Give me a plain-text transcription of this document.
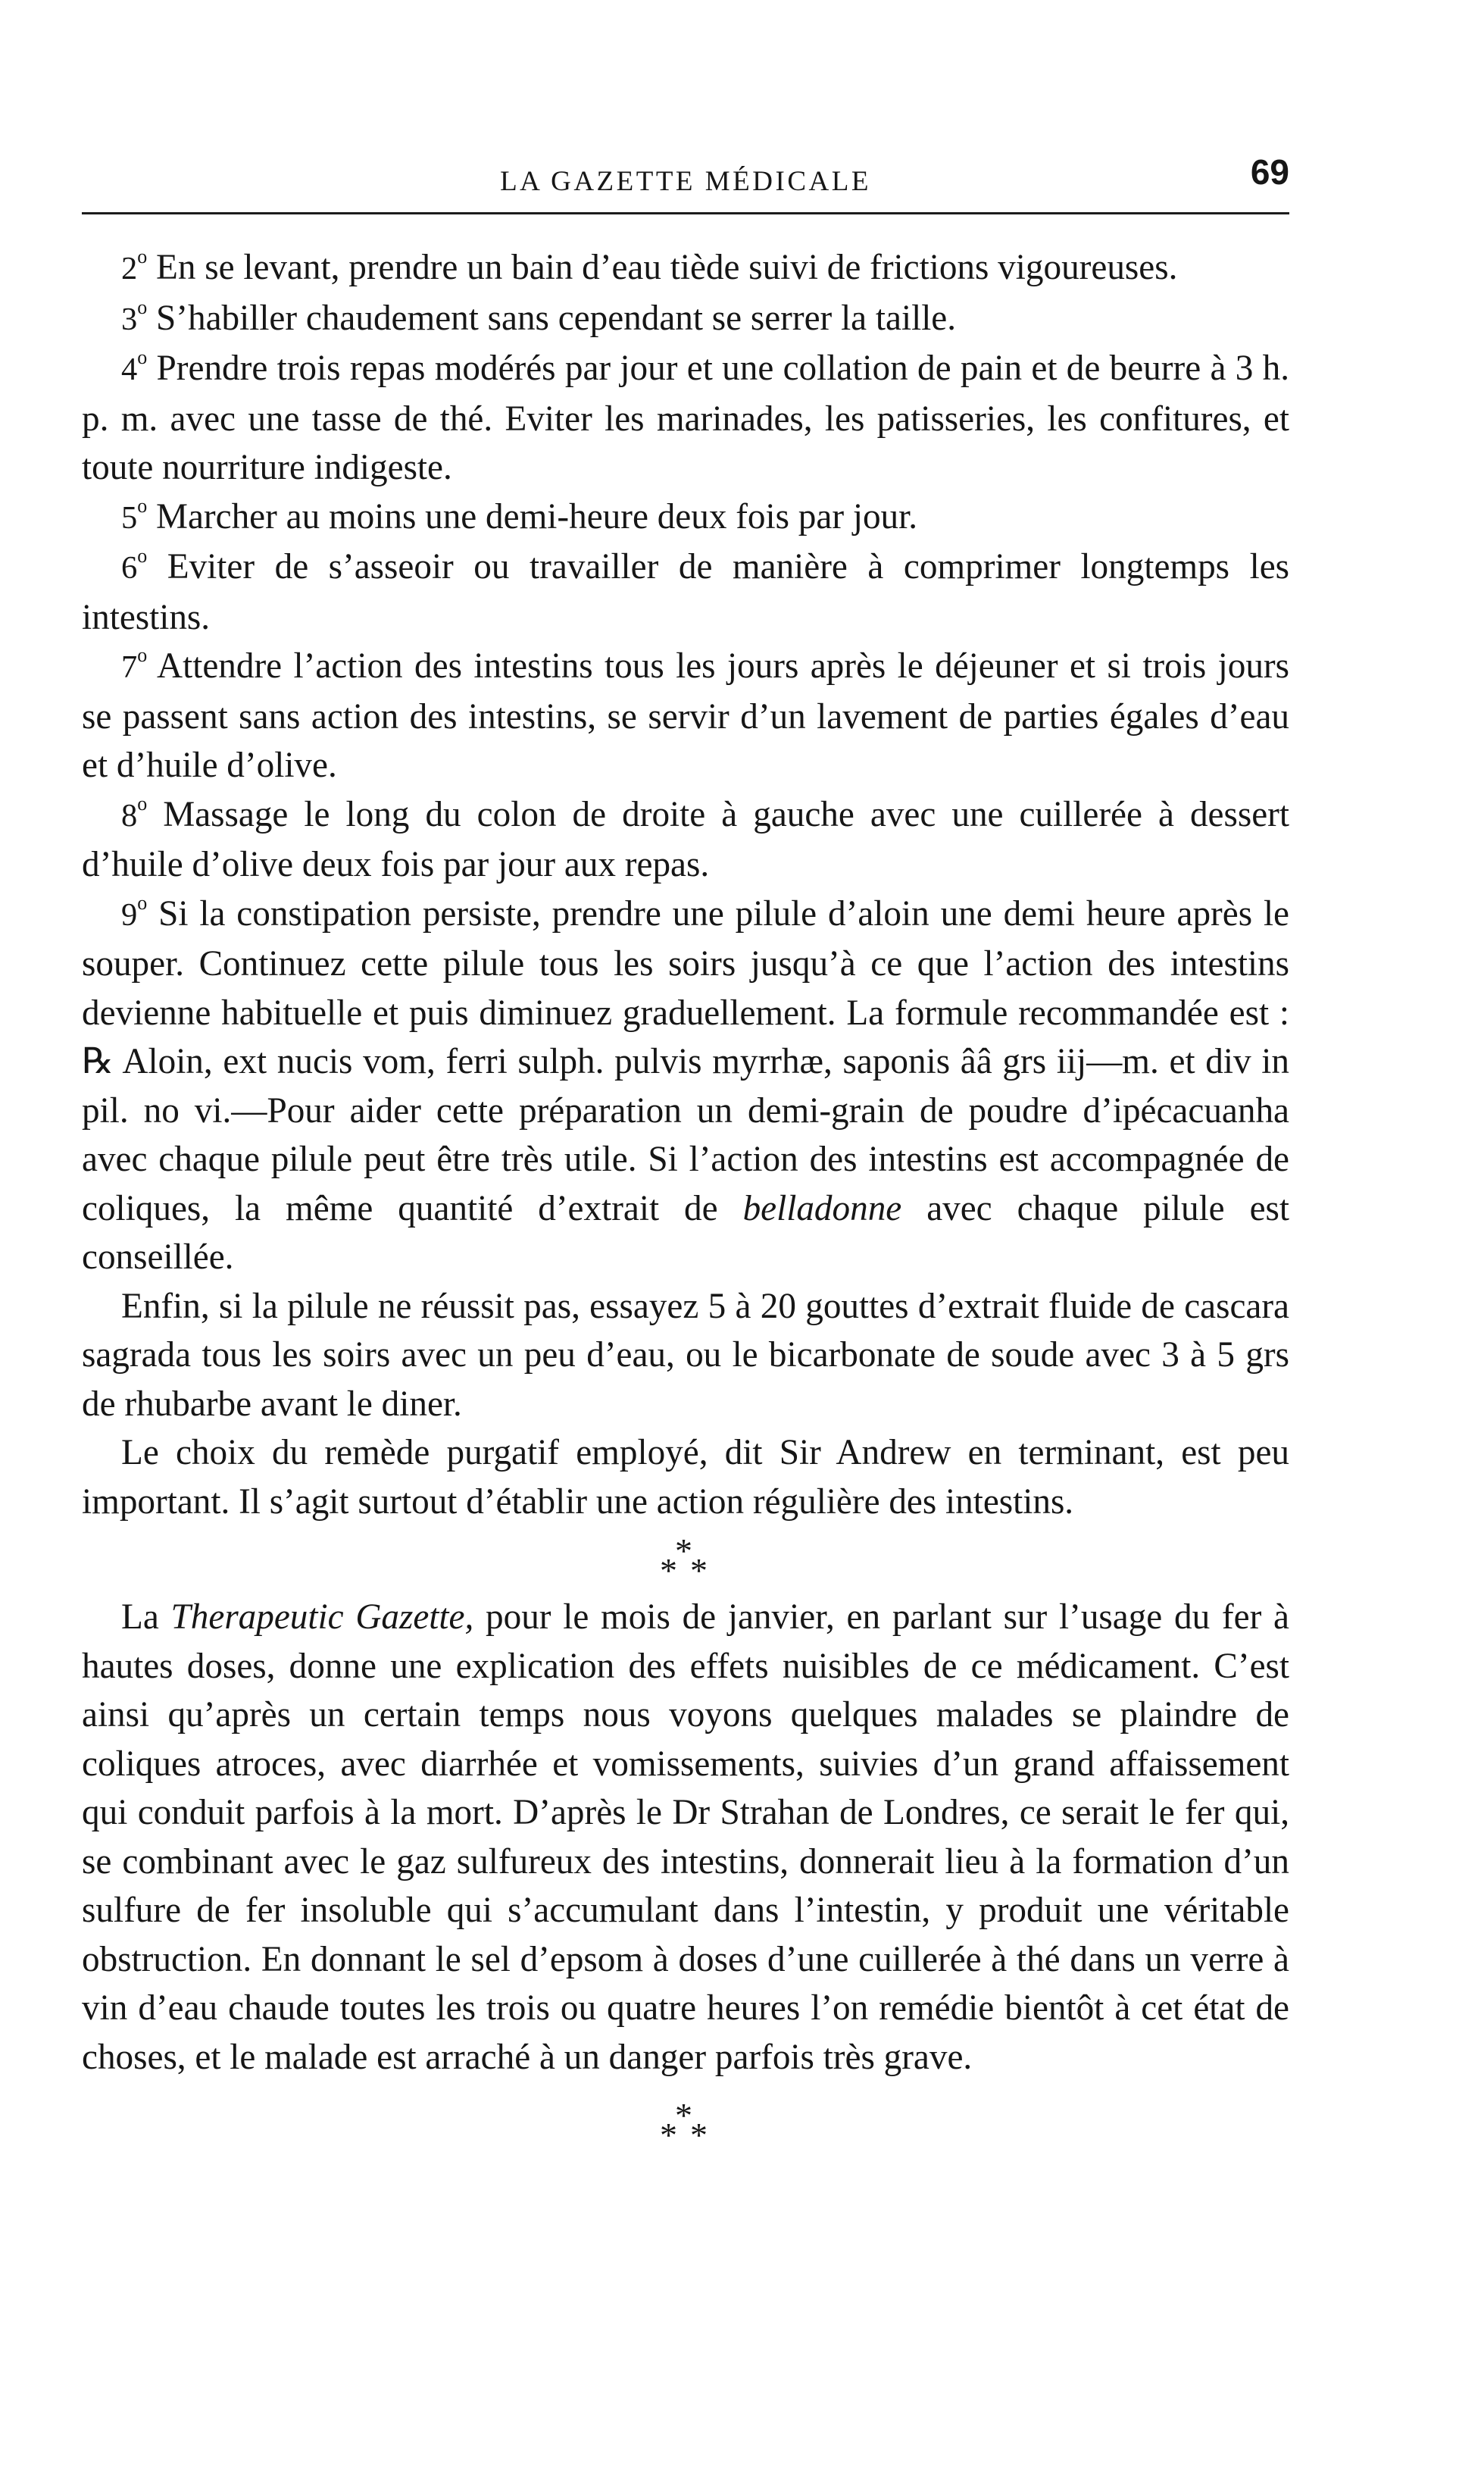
LA GAZETTE MÉDICALE	69

2$^o$ En se levant, prendre un bain d’eau tiède suivi de frictions vigoureuses.

3$^o$ S’habiller chaudement sans cependant se serrer la taille.

4$^o$ Prendre trois repas modérés par jour et une collation de pain et de beurre à 3 h. p. m. avec une tasse de thé. Eviter les marinades, les patisseries, les confitures, et toute nourriture indigeste.

5$^o$ Marcher au moins une demi-heure deux fois par jour.

6$^o$ Eviter de s’asseoir ou travailler de manière à comprimer longtemps les intestins.

7$^o$ Attendre l’action des intestins tous les jours après le déjeuner et si trois jours se passent sans action des intestins, se servir d’un lavement de parties égales d’eau et d’huile d’olive.

8$^o$ Massage le long du colon de droite à gauche avec une cuillerée à dessert d’huile d’olive deux fois par jour aux repas.

9$^o$ Si la constipation persiste, prendre une pilule d’aloin une demi heure après le souper. Continuez cette pilule tous les soirs jusqu’à ce que l’action des intestins devienne habituelle et puis diminuez graduellement. La formule recommandée est : ℞ Aloin, ext nucis vom, ferri sulph. pulvis myrrhæ, saponis ââ grs iij—m. et div in pil. no vi.—Pour aider cette préparation un demi-grain de poudre d’ipécacuanha avec chaque pilule peut être très utile. Si l’action des intestins est accompagnée de coliques, la même quantité d’extrait de belladonne avec chaque pilule est conseillée.

Enfin, si la pilule ne réussit pas, essayez 5 à 20 gouttes d’extrait fluide de cascara sagrada tous les soirs avec un peu d’eau, ou le bicarbonate de soude avec 3 à 5 grs de rhubarbe avant le diner.

Le choix du remède purgatif employé, dit Sir Andrew en terminant, est peu important. Il s’agit surtout d’établir une action régulière des intestins.

*
* *

La Therapeutic Gazette, pour le mois de janvier, en parlant sur l’usage du fer à hautes doses, donne une explication des effets nuisibles de ce médicament. C’est ainsi qu’après un certain temps nous voyons quelques malades se plaindre de coliques atroces, avec diarrhée et vomissements, suivies d’un grand affaissement qui conduit parfois à la mort. D’après le Dr Strahan de Londres, ce serait le fer qui, se combinant avec le gaz sulfureux des intestins, donnerait lieu à la formation d’un sulfure de fer insoluble qui s’accumulant dans l’intestin, y produit une véritable obstruction. En donnant le sel d’epsom à doses d’une cuillerée à thé dans un verre à vin d’eau chaude toutes les trois ou quatre heures l’on remédie bientôt à cet état de choses, et le malade est arraché à un danger parfois très grave.

*
* *
